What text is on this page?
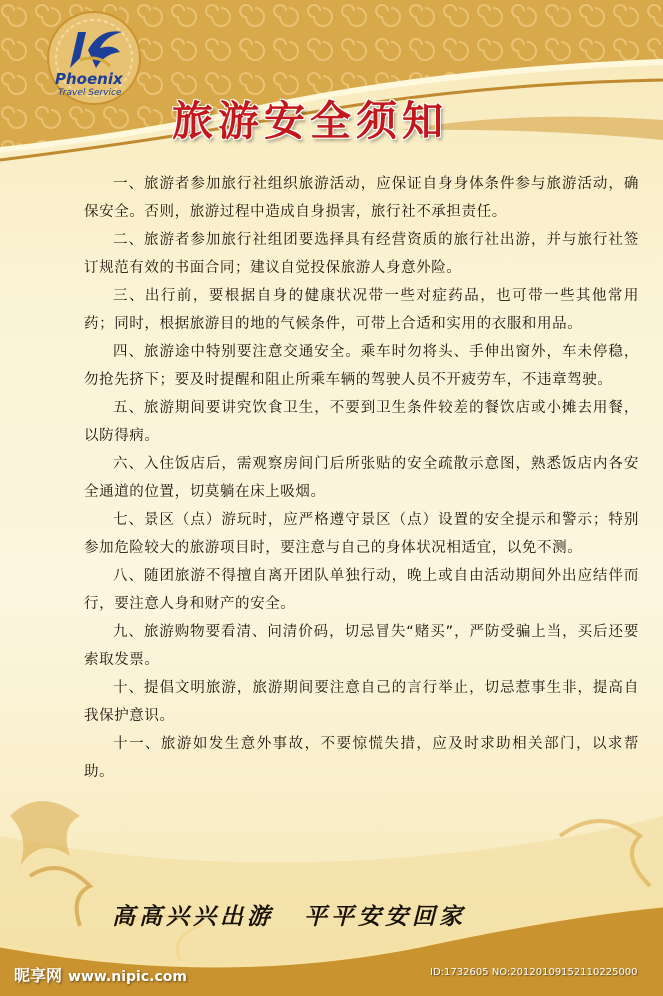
Phoenix
Travel Service
旅游安全须知

一、旅游者参加旅行社组织旅游活动，应保证自身身体条件参与旅游活动，确保安全。否则，旅游过程中造成自身损害，旅行社不承担责任。

二、旅游者参加旅行社组团要选择具有经营资质的旅行社出游，并与旅行社签订规范有效的书面合同；建议自觉投保旅游人身意外险。

三、出行前，要根据自身的健康状况带一些对症药品，也可带一些其他常用药；同时，根据旅游目的地的气候条件，可带上合适和实用的衣服和用品。

四、旅游途中特别要注意交通安全。乘车时勿将头、手伸出窗外，车未停稳，勿抢先挤下；要及时提醒和阻止所乘车辆的驾驶人员不开疲劳车，不违章驾驶。

五、旅游期间要讲究饮食卫生，不要到卫生条件较差的餐饮店或小摊去用餐，以防得病。

六、入住饭店后，需观察房间门后所张贴的安全疏散示意图，熟悉饭店内各安全通道的位置，切莫躺在床上吸烟。

七、景区（点）游玩时，应严格遵守景区（点）设置的安全提示和警示；特别参加危险较大的旅游项目时，要注意与自己的身体状况相适宜，以免不测。

八、随团旅游不得擅自离开团队单独行动，晚上或自由活动期间外出应结伴而行，要注意人身和财产的安全。

九、旅游购物要看清、问清价码，切忌冒失“赌买”，严防受骗上当，买后还要索取发票。

十、提倡文明旅游，旅游期间要注意自己的言行举止，切忌惹事生非，提高自我保护意识。

十一、旅游如发生意外事故，不要惊慌失措，应及时求助相关部门，以求帮助。

高高兴兴出游 平平安安回家
昵享网 www.nipic.com	ID:1732605 NO:20120109152110225000
